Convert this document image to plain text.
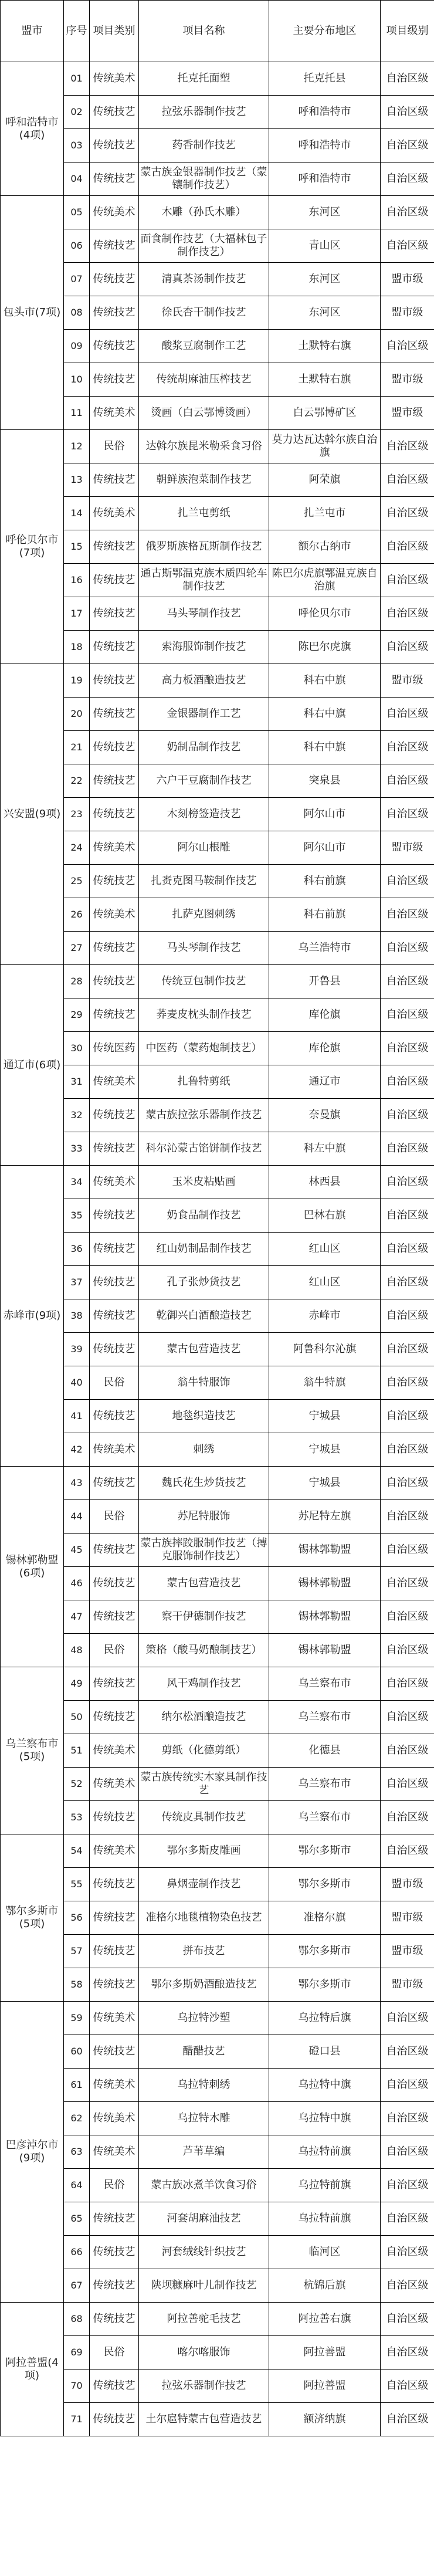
盟市	序号	项目类别	项目名称	主要分布地区	项目级别
呼和浩特市(4项)	01	传统美术	托克托面塑	托克托县	自治区级
	02	传统技艺	拉弦乐器制作技艺	呼和浩特市	自治区级
	03	传统技艺	药香制作技艺	呼和浩特市	自治区级
	04	传统技艺	蒙古族金银器制作技艺（蒙镶制作技艺）	呼和浩特市	自治区级
包头市(7项)	05	传统美术	木雕（孙氏木雕）	东河区	自治区级
	06	传统技艺	面食制作技艺（大福林包子制作技艺）	青山区	自治区级
	07	传统技艺	清真茶汤制作技艺	东河区	盟市级
	08	传统技艺	徐氏杏干制作技艺	东河区	盟市级
	09	传统技艺	酸浆豆腐制作工艺	土默特右旗	自治区级
	10	传统技艺	传统胡麻油压榨技艺	土默特右旗	盟市级
	11	传统美术	烫画（白云鄂博烫画）	白云鄂博矿区	盟市级
呼伦贝尔市(7项)	12	民俗	达斡尔族昆米勒采食习俗	莫力达瓦达斡尔族自治旗	自治区级
	13	传统技艺	朝鲜族泡菜制作技艺	阿荣旗	自治区级
	14	传统美术	扎兰屯剪纸	扎兰屯市	自治区级
	15	传统技艺	俄罗斯族格瓦斯制作技艺	额尔古纳市	自治区级
	16	传统技艺	通古斯鄂温克族木质四轮车制作技艺	陈巴尔虎旗鄂温克族自治旗	自治区级
	17	传统技艺	马头琴制作技艺	呼伦贝尔市	自治区级
	18	传统技艺	索海服饰制作技艺	陈巴尔虎旗	自治区级
兴安盟(9项)	19	传统技艺	高力板酒酿造技艺	科右中旗	盟市级
	20	传统技艺	金银器制作工艺	科右中旗	自治区级
	21	传统技艺	奶制品制作技艺	科右中旗	自治区级
	22	传统技艺	六户干豆腐制作技艺	突泉县	自治区级
	23	传统技艺	木刻榜签造技艺	阿尔山市	自治区级
	24	传统美术	阿尔山根雕	阿尔山市	盟市级
	25	传统技艺	扎赉克图马鞍制作技艺	科右前旗	自治区级
	26	传统美术	扎萨克图刺绣	科右前旗	自治区级
	27	传统技艺	马头琴制作技艺	乌兰浩特市	自治区级
通辽市(6项)	28	传统技艺	传统豆包制作技艺	开鲁县	自治区级
	29	传统技艺	荞麦皮枕头制作技艺	库伦旗	自治区级
	30	传统医药	中医药（蒙药炮制技艺）	库伦旗	自治区级
	31	传统美术	扎鲁特剪纸	通辽市	自治区级
	32	传统技艺	蒙古族拉弦乐器制作技艺	奈曼旗	自治区级
	33	传统技艺	科尔沁蒙古馅饼制作技艺	科左中旗	自治区级
赤峰市(9项)	34	传统美术	玉米皮粘贴画	林西县	自治区级
	35	传统技艺	奶食品制作技艺	巴林右旗	自治区级
	36	传统技艺	红山奶制品制作技艺	红山区	自治区级
	37	传统技艺	孔子张炒货技艺	红山区	自治区级
	38	传统技艺	乾御兴白酒酿造技艺	赤峰市	自治区级
	39	传统技艺	蒙古包营造技艺	阿鲁科尔沁旗	自治区级
	40	民俗	翁牛特服饰	翁牛特旗	自治区级
	41	传统技艺	地毯织造技艺	宁城县	自治区级
	42	传统美术	刺绣	宁城县	自治区级
锡林郭勒盟(6项)	43	传统技艺	魏氏花生炒货技艺	宁城县	自治区级
	44	民俗	苏尼特服饰	苏尼特左旗	自治区级
	45	传统技艺	蒙古族摔跤服制作技艺（搏克服饰制作技艺）	锡林郭勒盟	自治区级
	46	传统技艺	蒙古包营造技艺	锡林郭勒盟	自治区级
	47	传统技艺	察干伊德制作技艺	锡林郭勒盟	自治区级
	48	民俗	策格（酸马奶酿制技艺）	锡林郭勒盟	自治区级
乌兰察布市(5项)	49	传统技艺	风干鸡制作技艺	乌兰察布市	自治区级
	50	传统技艺	纳尔松酒酿造技艺	乌兰察布市	自治区级
	51	传统美术	剪纸（化德剪纸）	化德县	自治区级
	52	传统美术	蒙古族传统实木家具制作技艺	乌兰察布市	自治区级
	53	传统技艺	传统皮具制作技艺	乌兰察布市	自治区级
鄂尔多斯市(5项)	54	传统美术	鄂尔多斯皮雕画	鄂尔多斯市	自治区级
	55	传统技艺	鼻烟壶制作技艺	鄂尔多斯市	盟市级
	56	传统技艺	准格尔地毯植物染色技艺	准格尔旗	盟市级
	57	传统技艺	拼布技艺	鄂尔多斯市	盟市级
	58	传统技艺	鄂尔多斯奶酒酿造技艺	鄂尔多斯市	盟市级
巴彦淖尔市(9项)	59	传统美术	乌拉特沙塑	乌拉特后旗	自治区级
	60	传统技艺	醋醋技艺	磴口县	自治区级
	61	传统美术	乌拉特刺绣	乌拉特中旗	自治区级
	62	传统美术	乌拉特木雕	乌拉特中旗	自治区级
	63	传统美术	芦苇草编	乌拉特前旗	自治区级
	64	民俗	蒙古族冰煮羊饮食习俗	乌拉特前旗	自治区级
	65	传统技艺	河套胡麻油技艺	乌拉特前旗	自治区级
	66	传统技艺	河套绒线针织技艺	临河区	自治区级
	67	传统技艺	陕坝糠麻叶儿制作技艺	杭锦后旗	自治区级
阿拉善盟(4项)	68	传统技艺	阿拉善驼毛技艺	阿拉善右旗	自治区级
	69	民俗	喀尔喀服饰	阿拉善盟	自治区级
	70	传统技艺	拉弦乐器制作技艺	阿拉善盟	自治区级
	71	传统技艺	土尔扈特蒙古包营造技艺	额济纳旗	自治区级
